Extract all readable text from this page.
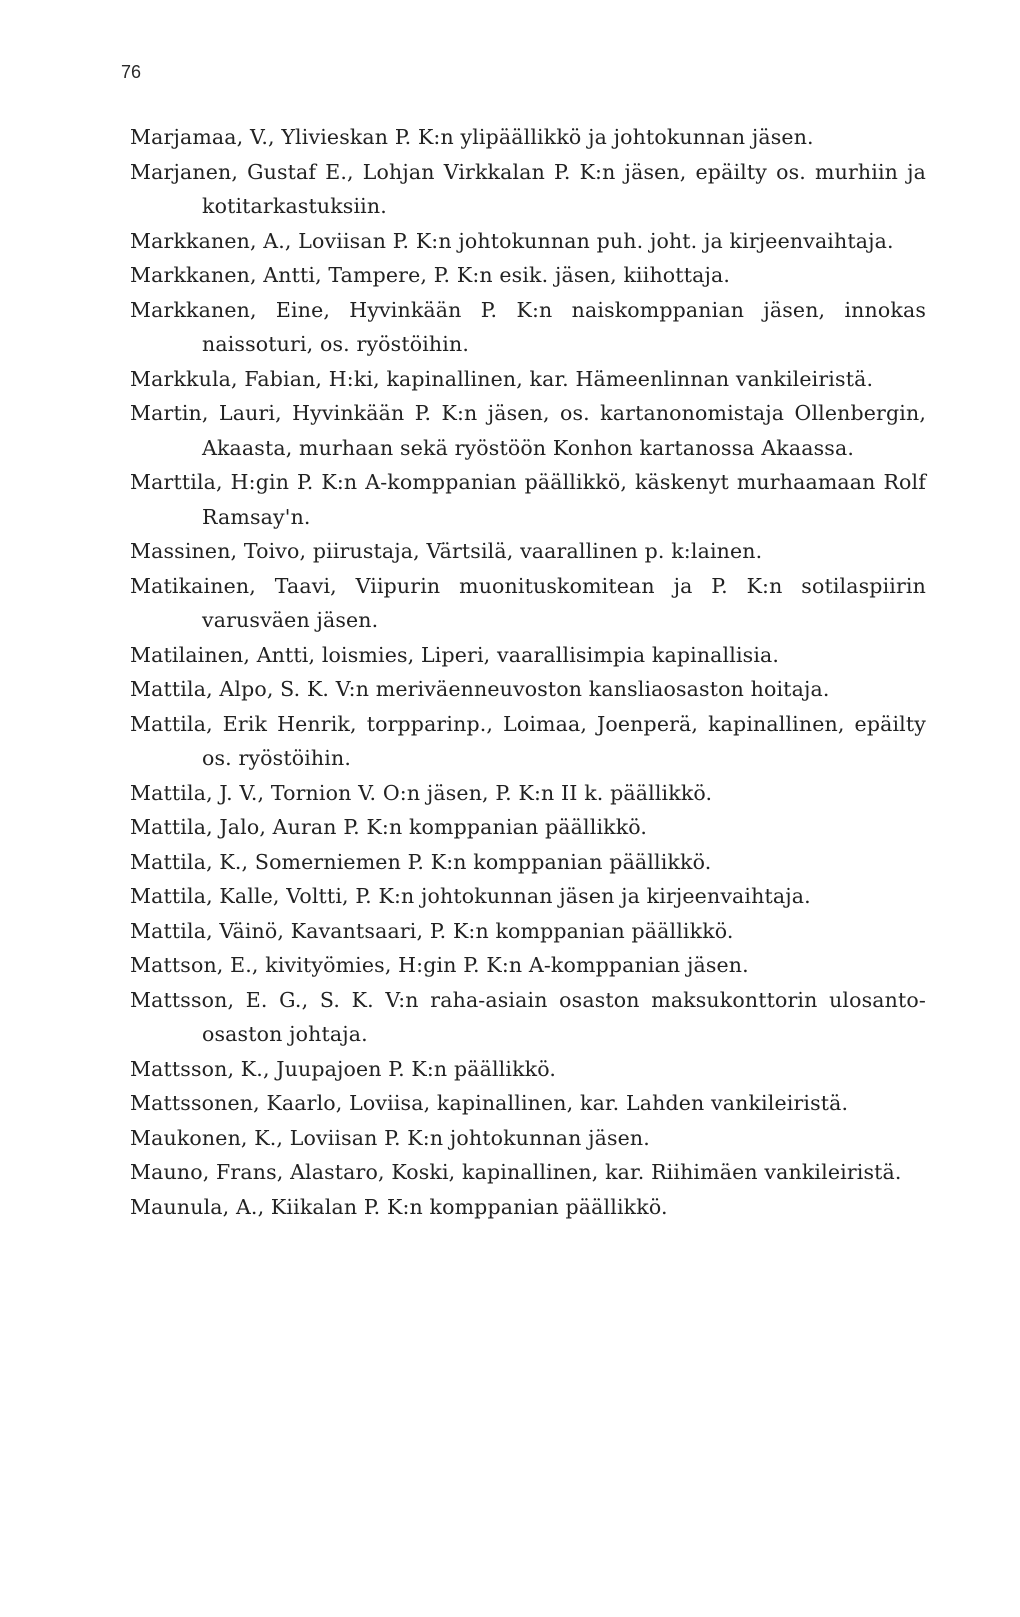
76
Marjamaa, V., Ylivieskan P. K:n ylipäällikkö ja johtokunnan jäsen.
Marjanen, Gustaf E., Lohjan Virkkalan P. K:n jäsen, epäilty os. murhiin ja kotitarkastuksiin.
Markkanen, A., Loviisan P. K:n johtokunnan puh. joht. ja kirjeenvaihtaja.
Markkanen, Antti, Tampere, P. K:n esik. jäsen, kiihottaja.
Markkanen, Eine, Hyvinkään P. K:n naiskomppanian jäsen, innokas naissoturi, os. ryöstöihin.
Markkula, Fabian, H:ki, kapinallinen, kar. Hämeenlinnan vankileiristä.
Martin, Lauri, Hyvinkään P. K:n jäsen, os. kartanonomistaja Ollenbergin, Akaasta, murhaan sekä ryöstöön Konhon kartanossa Akaassa.
Marttila, H:gin P. K:n A-komppanian päällikkö, käskenyt murhaamaan Rolf Ramsay'n.
Massinen, Toivo, piirustaja, Värtsilä, vaarallinen p. k:lainen.
Matikainen, Taavi, Viipurin muonituskomitean ja P. K:n sotilaspiirin varusväen jäsen.
Matilainen, Antti, loismies, Liperi, vaarallisimpia kapinallisia.
Mattila, Alpo, S. K. V:n meriväenneuvoston kansliaosaston hoitaja.
Mattila, Erik Henrik, torpparinp., Loimaa, Joenperä, kapinallinen, epäilty os. ryöstöihin.
Mattila, J. V., Tornion V. O:n jäsen, P. K:n II k. päällikkö.
Mattila, Jalo, Auran P. K:n komppanian päällikkö.
Mattila, K., Somerniemen P. K:n komppanian päällikkö.
Mattila, Kalle, Voltti, P. K:n johtokunnan jäsen ja kirjeenvaihtaja.
Mattila, Väinö, Kavantsaari, P. K:n komppanian päällikkö.
Mattson, E., kivityömies, H:gin P. K:n A-komppanian jäsen.
Mattsson, E. G., S. K. V:n raha-asiain osaston maksukonttorin ulosanto-osaston johtaja.
Mattsson, K., Juupajoen P. K:n päällikkö.
Mattssonen, Kaarlo, Loviisa, kapinallinen, kar. Lahden vankileiristä.
Maukonen, K., Loviisan P. K:n johtokunnan jäsen.
Mauno, Frans, Alastaro, Koski, kapinallinen, kar. Riihimäen vankileiristä.
Maunula, A., Kiikalan P. K:n komppanian päällikkö.
